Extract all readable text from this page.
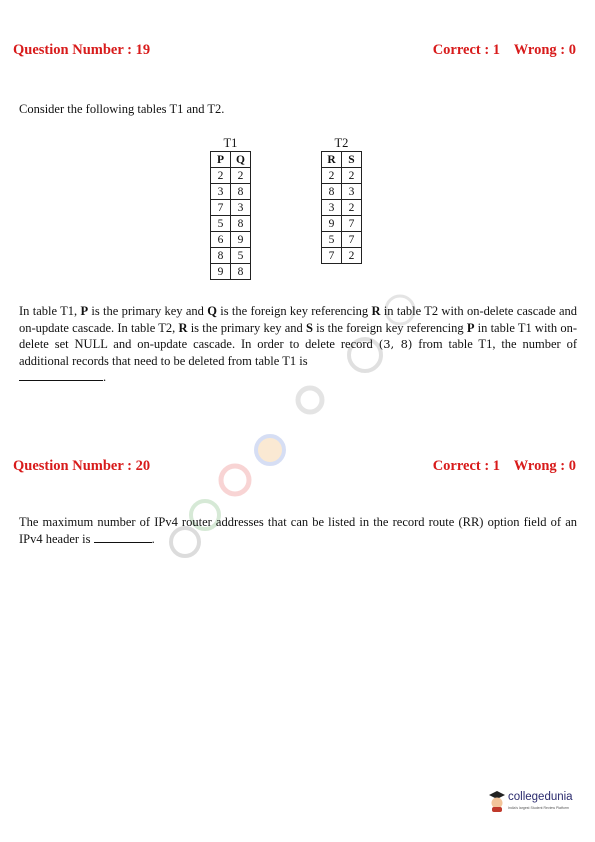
Question Number : 19	Correct : 1 Wrong : 0
Consider the following tables T1 and T2.
T1
P	Q
2	2
3	8
7	3
5	8
6	9
8	5
9	8
T2
R	S
2	2
8	3
3	2
9	7
5	7
7	2
In table T1, P is the primary key and Q is the foreign key referencing R in table T2 with on-delete cascade and on-update cascade. In table T2, R is the primary key and S is the foreign key referencing P in table T1 with on-delete set NULL and on-update cascade. In order to delete record (3, 8) from table T1, the number of additional records that need to be deleted from table T1 is
.
Question Number : 20	Correct : 1 Wrong : 0
The maximum number of IPv4 router addresses that can be listed in the record route (RR) option field of an IPv4 header is	.
collegedunia
India's largest Student Review Platform
